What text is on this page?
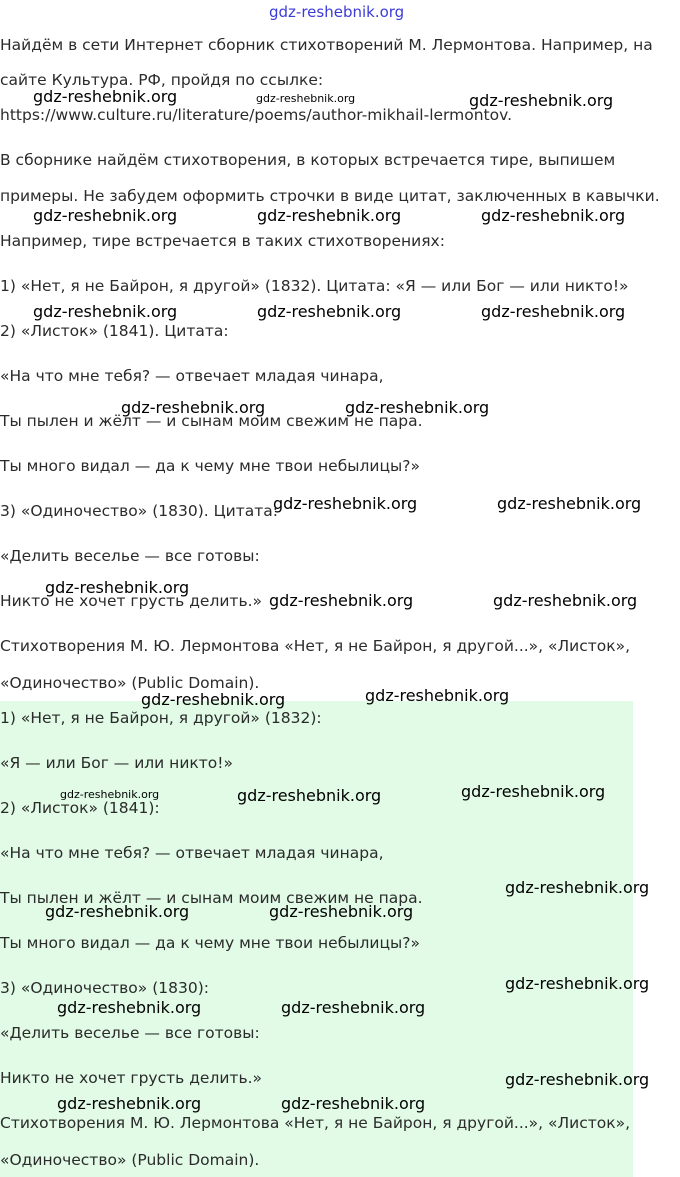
Найдём в сети Интернет сборник стихотворений М. Лермонтова. Например, на

сайте Культура. РФ, пройдя по ссылке:

https://www.culture.ru/literature/poems/author-mikhail-lermontov.

В сборнике найдём стихотворения, в которых встречается тире, выпишем

примеры. Не забудем оформить строчки в виде цитат, заключенных в кавычки.

Например, тире встречается в таких стихотворениях:

1) «Нет, я не Байрон, я другой» (1832). Цитата: «Я — или Бог — или никто!»

2) «Листок» (1841). Цитата:

«На что мне тебя? — отвечает младая чинара,

Ты пылен и жёлт — и сынам моим свежим не пара.

Ты много видал — да к чему мне твои небылицы?»

3) «Одиночество» (1830). Цитата:

«Делить веселье — все готовы:

Никто не хочет грусть делить.»

Стихотворения М. Ю. Лермонтова «Нет, я не Байрон, я другой...», «Листок»,

«Одиночество» (Public Domain).

1) «Нет, я не Байрон, я другой» (1832):

«Я — или Бог — или никто!»

2) «Листок» (1841):

«На что мне тебя? — отвечает младая чинара,

Ты пылен и жёлт — и сынам моим свежим не пара.

Ты много видал — да к чему мне твои небылицы?»

3) «Одиночество» (1830):

«Делить веселье — все готовы:

Никто не хочет грусть делить.»

Стихотворения М. Ю. Лермонтова «Нет, я не Байрон, я другой...», «Листок»,

«Одиночество» (Public Domain).

gdz-reshebnik.org

gdz-reshebnik.org	gdz-reshebnik.org	gdz-reshebnik.org

gdz-reshebnik.org	gdz-reshebnik.org	gdz-reshebnik.org

gdz-reshebnik.org	gdz-reshebnik.org	gdz-reshebnik.org

gdz-reshebnik.org	gdz-reshebnik.org

gdz-reshebnik.org	gdz-reshebnik.org

gdz-reshebnik.org

gdz-reshebnik.org	gdz-reshebnik.org

gdz-reshebnik.org	gdz-reshebnik.org

gdz-reshebnik.org	gdz-reshebnik.org	gdz-reshebnik.org

gdz-reshebnik.org

gdz-reshebnik.org	gdz-reshebnik.org

gdz-reshebnik.org

gdz-reshebnik.org	gdz-reshebnik.org

gdz-reshebnik.org

gdz-reshebnik.org	gdz-reshebnik.org
